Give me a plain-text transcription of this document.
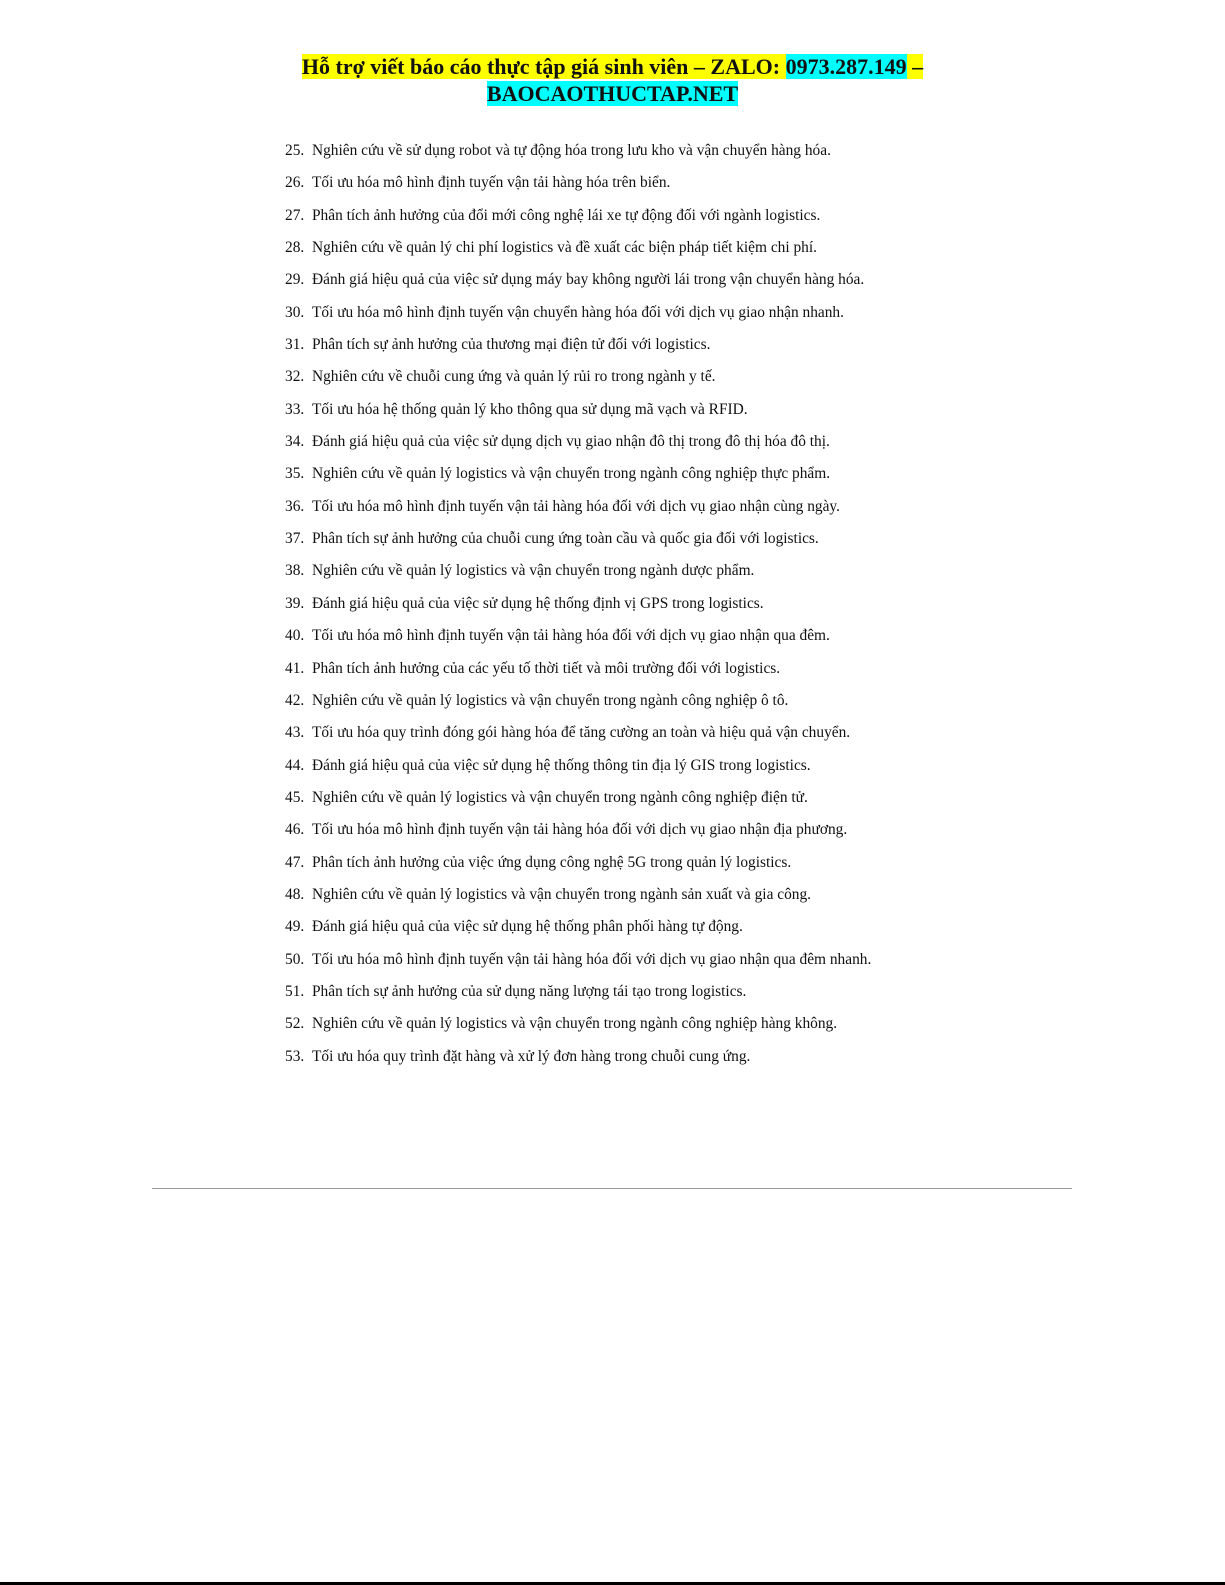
Hỗ trợ viết báo cáo thực tập giá sinh viên – ZALO: 0973.287.149 –
BAOCAOTHUCTAP.NET
25. Nghiên cứu về sử dụng robot và tự động hóa trong lưu kho và vận chuyển hàng hóa.
26. Tối ưu hóa mô hình định tuyến vận tải hàng hóa trên biển.
27. Phân tích ảnh hưởng của đổi mới công nghệ lái xe tự động đối với ngành logistics.
28. Nghiên cứu về quản lý chi phí logistics và đề xuất các biện pháp tiết kiệm chi phí.
29. Đánh giá hiệu quả của việc sử dụng máy bay không người lái trong vận chuyển hàng hóa.
30. Tối ưu hóa mô hình định tuyến vận chuyển hàng hóa đối với dịch vụ giao nhận nhanh.
31. Phân tích sự ảnh hưởng của thương mại điện tử đối với logistics.
32. Nghiên cứu về chuỗi cung ứng và quản lý rủi ro trong ngành y tế.
33. Tối ưu hóa hệ thống quản lý kho thông qua sử dụng mã vạch và RFID.
34. Đánh giá hiệu quả của việc sử dụng dịch vụ giao nhận đô thị trong đô thị hóa đô thị.
35. Nghiên cứu về quản lý logistics và vận chuyển trong ngành công nghiệp thực phẩm.
36. Tối ưu hóa mô hình định tuyến vận tải hàng hóa đối với dịch vụ giao nhận cùng ngày.
37. Phân tích sự ảnh hưởng của chuỗi cung ứng toàn cầu và quốc gia đối với logistics.
38. Nghiên cứu về quản lý logistics và vận chuyển trong ngành dược phẩm.
39. Đánh giá hiệu quả của việc sử dụng hệ thống định vị GPS trong logistics.
40. Tối ưu hóa mô hình định tuyến vận tải hàng hóa đối với dịch vụ giao nhận qua đêm.
41. Phân tích ảnh hưởng của các yếu tố thời tiết và môi trường đối với logistics.
42. Nghiên cứu về quản lý logistics và vận chuyển trong ngành công nghiệp ô tô.
43. Tối ưu hóa quy trình đóng gói hàng hóa để tăng cường an toàn và hiệu quả vận chuyển.
44. Đánh giá hiệu quả của việc sử dụng hệ thống thông tin địa lý GIS trong logistics.
45. Nghiên cứu về quản lý logistics và vận chuyển trong ngành công nghiệp điện tử.
46. Tối ưu hóa mô hình định tuyến vận tải hàng hóa đối với dịch vụ giao nhận địa phương.
47. Phân tích ảnh hưởng của việc ứng dụng công nghệ 5G trong quản lý logistics.
48. Nghiên cứu về quản lý logistics và vận chuyển trong ngành sản xuất và gia công.
49. Đánh giá hiệu quả của việc sử dụng hệ thống phân phối hàng tự động.
50. Tối ưu hóa mô hình định tuyến vận tải hàng hóa đối với dịch vụ giao nhận qua đêm nhanh.
51. Phân tích sự ảnh hưởng của sử dụng năng lượng tái tạo trong logistics.
52. Nghiên cứu về quản lý logistics và vận chuyển trong ngành công nghiệp hàng không.
53. Tối ưu hóa quy trình đặt hàng và xử lý đơn hàng trong chuỗi cung ứng.
